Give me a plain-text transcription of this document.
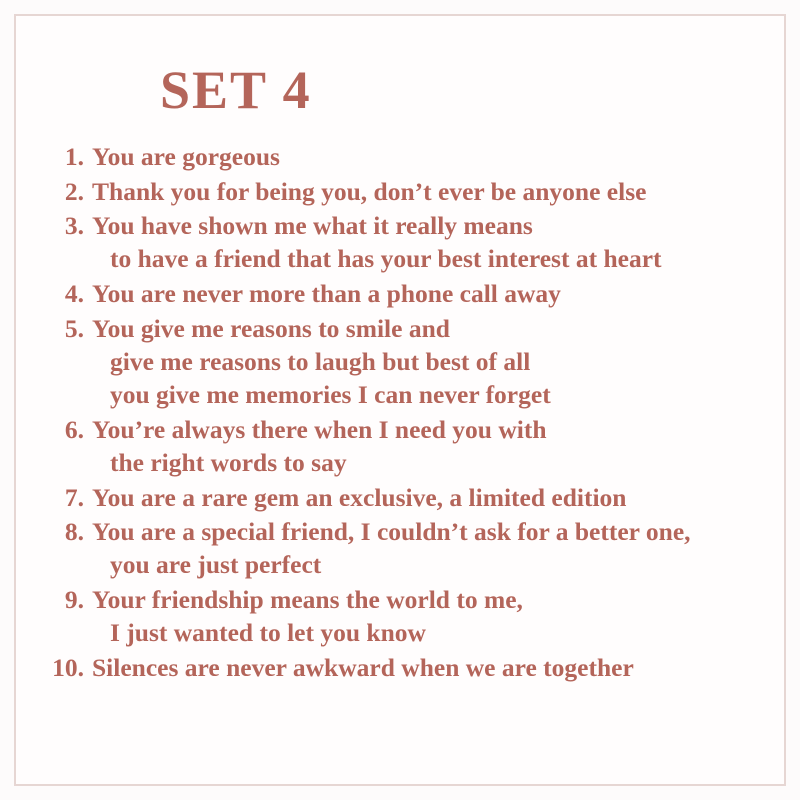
SET 4
1. You are gorgeous
2. Thank you for being you, don’t ever be anyone else
3. You have shown me what it really means
to have a friend that has your best interest at heart
4. You are never more than a phone call away
5. You give me reasons to smile and
give me reasons to laugh but best of all
you give me memories I can never forget
6. You’re always there when I need you with
the right words to say
7. You are a rare gem an exclusive, a limited edition
8. You are a special friend, I couldn’t ask for a better one,
you are just perfect
9. Your friendship means the world to me,
I just wanted to let you know
10. Silences are never awkward when we are together
